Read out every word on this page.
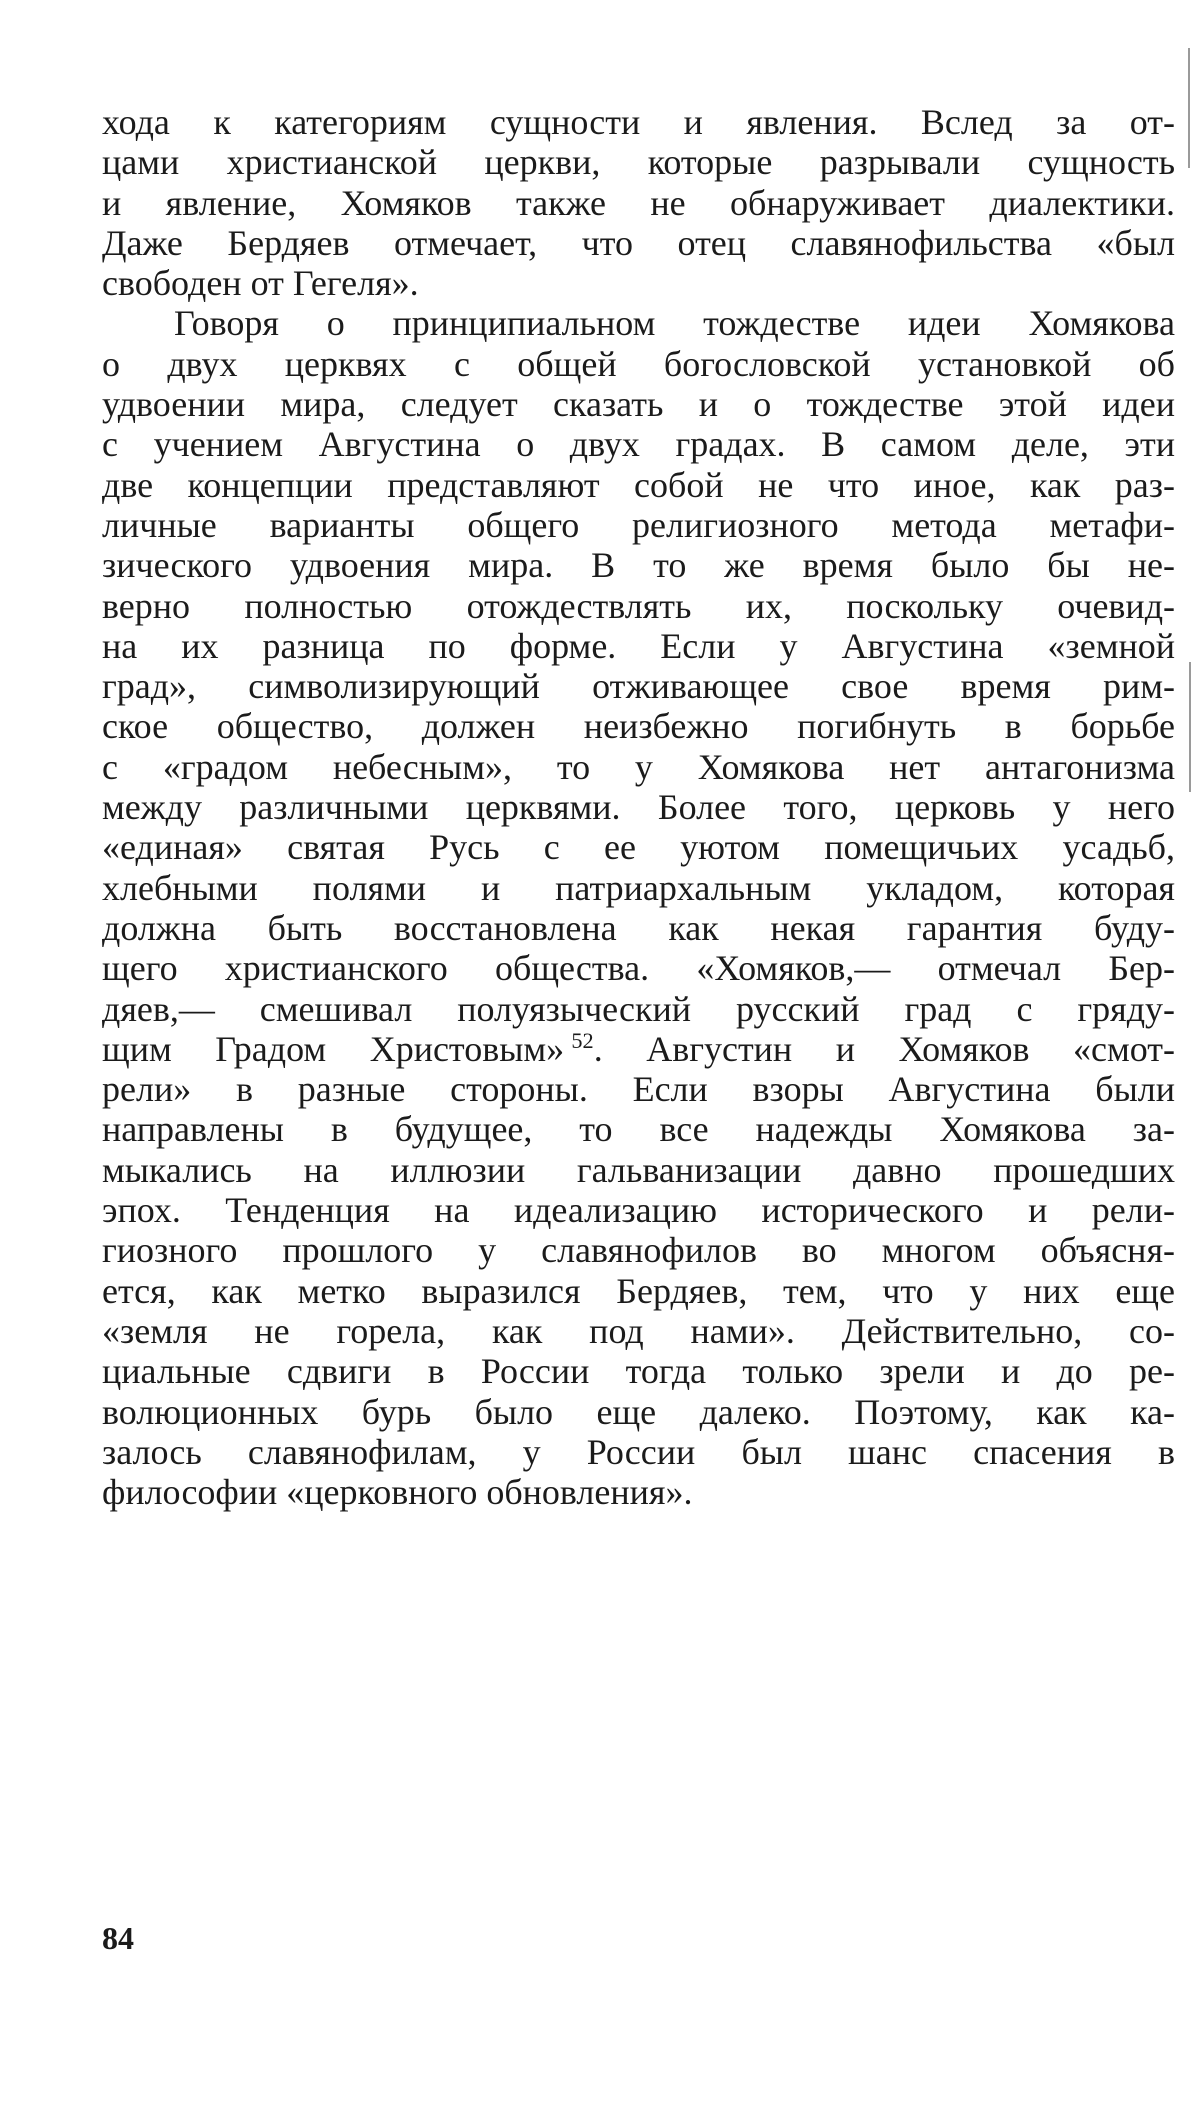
хода к категориям сущности и явления. Вслед за от-
цами христианской церкви, которые разрывали сущность
и явление, Хомяков также не обнаруживает диалектики.
Даже Бердяев отмечает, что отец славянофильства «был
свободен от Гегеля».
Говоря о принципиальном тождестве идеи Хомякова
о двух церквях с общей богословской установкой об
удвоении мира, следует сказать и о тождестве этой идеи
с учением Августина о двух градах. В самом деле, эти
две концепции представляют собой не что иное, как раз-
личные варианты общего религиозного метода метафи-
зического удвоения мира. В то же время было бы не-
верно полностью отождествлять их, поскольку очевид-
на их разница по форме. Если у Августина «земной
град», символизирующий отживающее свое время рим-
ское общество, должен неизбежно погибнуть в борьбе
с «градом небесным», то у Хомякова нет антагонизма
между различными церквями. Более того, церковь у него
«единая» святая Русь с ее уютом помещичьих усадьб,
хлебными полями и патриархальным укладом, которая
должна быть восстановлена как некая гарантия буду-
щего христианского общества. «Хомяков,— отмечал Бер-
дяев,— смешивал полуязыческий русский град с гряду-
щим Градом Христовым»  $^{52}$. Августин и Хомяков «смот-
рели» в разные стороны. Если взоры Августина были
направлены в будущее, то все надежды Хомякова за-
мыкались на иллюзии гальванизации давно прошедших
эпох. Тенденция на идеализацию исторического и рели-
гиозного прошлого у славянофилов во многом объясня-
ется, как метко выразился Бердяев, тем, что у них еще
«земля не горела, как под нами». Действительно, со-
циальные сдвиги в России тогда только зрели и до ре-
волюционных бурь было еще далеко. Поэтому, как ка-
залось славянофилам, у России был шанс спасения в
философии «церковного обновления».
84
